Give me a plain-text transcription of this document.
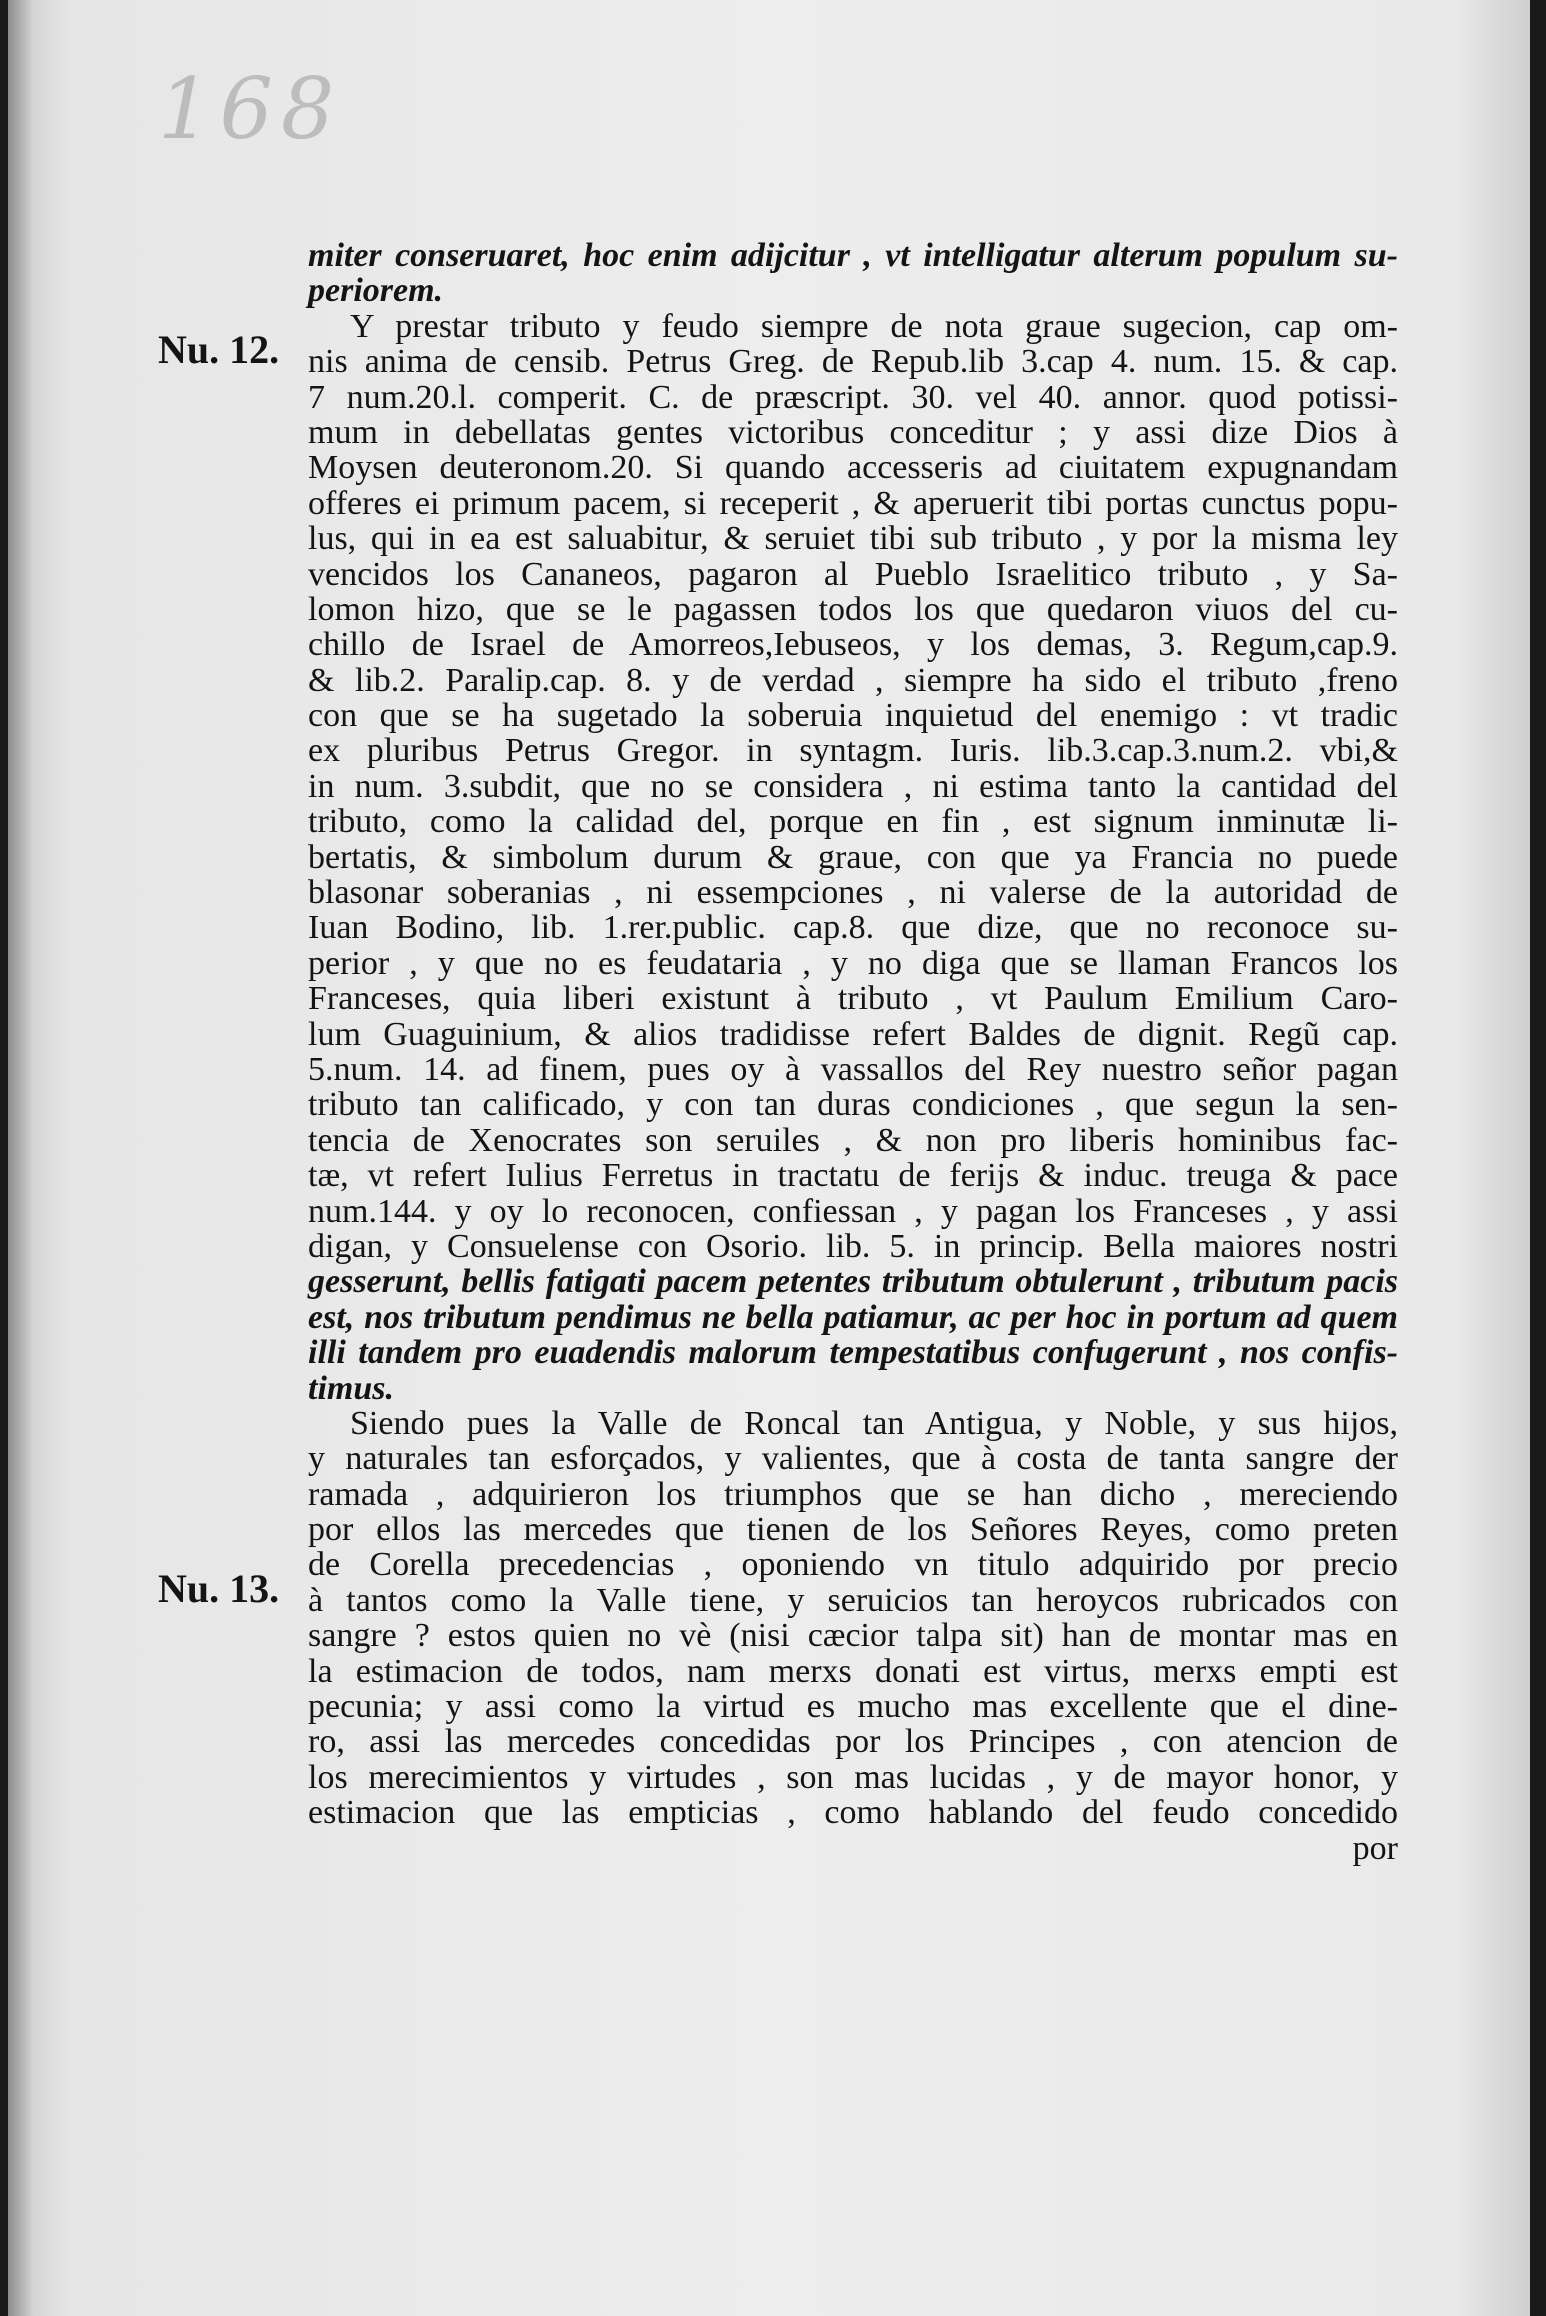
168
Nu. 12.
Nu. 13.
miter conseruaret, hoc enim adijcitur , vt intelligatur alterum populum su-
periorem.
Y prestar tributo y feudo siempre de nota graue sugecion, cap om-
nis anima de censib. Petrus Greg. de Repub.lib 3.cap 4. num. 15. & cap.
7 num.20.l. comperit. C. de præscript. 30. vel 40. annor. quod potissi-
mum in debellatas gentes victoribus conceditur ; y assi dize Dios à
Moysen deuteronom.20. Si quando accesseris ad ciuitatem expugnandam
offeres ei primum pacem, si receperit , & aperuerit tibi portas cunctus popu-
lus, qui in ea est saluabitur, & seruiet tibi sub tributo , y por la misma ley
vencidos los Cananeos, pagaron al Pueblo Israelitico tributo , y Sa-
lomon hizo, que se le pagassen todos los que quedaron viuos del cu-
chillo de Israel de Amorreos,Iebuseos, y los demas, 3. Regum,cap.9.
& lib.2. Paralip.cap. 8. y de verdad , siempre ha sido el tributo ,freno
con que se ha sugetado la soberuia inquietud del enemigo : vt tradic
ex pluribus Petrus Gregor. in syntagm. Iuris. lib.3.cap.3.num.2. vbi,&
in num. 3.subdit, que no se considera , ni estima tanto la cantidad del
tributo, como la calidad del, porque en fin , est signum inminutæ li-
bertatis, & simbolum durum & graue, con que ya Francia no puede
blasonar soberanias , ni essempciones , ni valerse de la autoridad de
Iuan Bodino, lib. 1.rer.public. cap.8. que dize, que no reconoce su-
perior , y que no es feudataria , y no diga que se llaman Francos los
Franceses, quia liberi existunt à tributo , vt Paulum Emilium Caro-
lum Guaguinium, & alios tradidisse refert Baldes de dignit. Regũ cap.
5.num. 14. ad finem, pues oy à vassallos del Rey nuestro señor pagan
tributo tan calificado, y con tan duras condiciones , que segun la sen-
tencia de Xenocrates son seruiles , & non pro liberis hominibus fac-
tæ, vt refert Iulius Ferretus in tractatu de ferijs & induc. treuga & pace
num.144. y oy lo reconocen, confiessan , y pagan los Franceses , y assi
digan, y Consuelense con Osorio. lib. 5. in princip. Bella maiores nostri
gesserunt, bellis fatigati pacem petentes tributum obtulerunt , tributum pacis
est, nos tributum pendimus ne bella patiamur, ac per hoc in portum ad quem
illi tandem pro euadendis malorum tempestatibus confugerunt , nos confis-
timus.
Siendo pues la Valle de Roncal tan Antigua, y Noble, y sus hijos,
y naturales tan esforçados, y valientes, que à costa de tanta sangre der
ramada , adquirieron los triumphos que se han dicho , mereciendo
por ellos las mercedes que tienen de los Señores Reyes, como preten
de Corella precedencias , oponiendo vn titulo adquirido por precio
à tantos como la Valle tiene, y seruicios tan heroycos rubricados con
sangre ? estos quien no vè (nisi cæcior talpa sit) han de montar mas en
la estimacion de todos, nam merxs donati est virtus, merxs empti est
pecunia; y assi como la virtud es mucho mas excellente que el dine-
ro, assi las mercedes concedidas por los Principes , con atencion de
los merecimientos y virtudes , son mas lucidas , y de mayor honor, y
estimacion que las empticias , como hablando del feudo concedido
por
